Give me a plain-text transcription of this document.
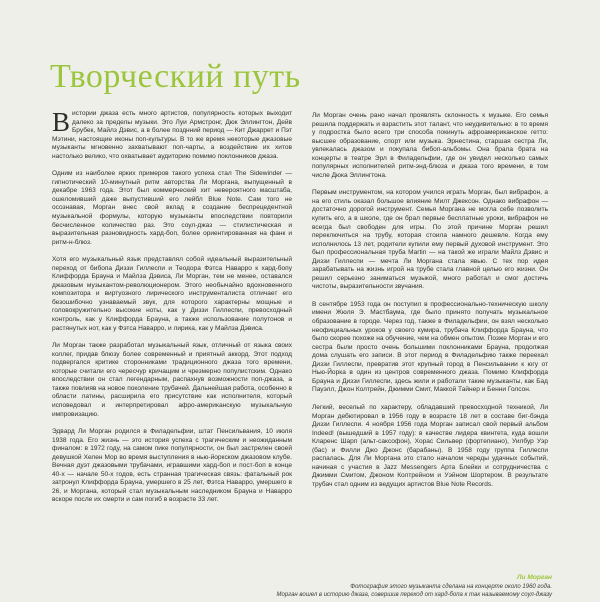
Творческий путь

Вистории джаза есть много артистов, популярность которых выходит далеко за пределы музыки. Это Луи Армстронг, Дюк Эллингтон, Дейв Брубек, Майлз Дэвис, а в более позднний период — Кит Джаррет и Пэт Мэтини, настоящие иконы поп-культуры. В то же время некоторые джазовые музыканты мгновенно захватывают поп-чарты, а воздействие их хитов настолько велико, что охватывает аудиторию помимо поклонников джаза.

Одним из наиболее ярких примеров такого успеха стал The Sidewinder — гипнотический 10-минутный ритм авторства Ли Моргана, выпущенный в декабре 1963 года. Этот был коммерческий хит невероятного масштаба, ошеломивший даже выпустивший его лейбл Blue Note. Сам того не осознавая, Морган внес свой вклад в создание беспрецедентной музыкальной формулы, которую музыканты впоследствии повторили бесчисленное количество раз. Это соул-джаз — стилистическая и выразительная разновидность хард-боп, более ориентированная на фанк и ритм-н-блюз.

Хотя его музыкальный язык представлял собой идеальный выразительный переход от бибопа Диззи Гиллеспи и Теодора Фэтса Наварро к хард-бопу Клиффорда Брауна и Майлза Дэвиса, Ли Морган, тем не менее, оставался джазовым музыкантом-революционером. Этого необычайно вдохновенного композитора и виртуозного лирического инструменталиста отличает его безошибочно узнаваемый звук, для которого характерны мощные и головокружительно высокие ноты, как у Диззи Гиллеспи, превосходный контроль, как у Клиффорда Брауна, а также использование полутонов и растянутых нот, как у Фэтса Наварро, и лирика, как у Майлза Дэвиса.

Ли Морган также разработал музыкальный язык, отличный от языка своих коллег, придав блюзу более современный и приятный аккорд. Этот подход подвергался критике сторонниками традиционного джаза того времени, которые считали его чересчур кричащим и чрезмерно популистским. Однако впоследствии он стал легендарным, распахнув возможности поп-джаза, а также повлияв на новое поколение трубачей. Дальнейшая работа, особенно в области латины, расширила его присутствие как исполнителя, который исповедовал и интерпретировал афро-американскую музыкальную импровизацию.

Эдвард Ли Морган родился в Филадельфии, штат Пенсильвания, 10 июля 1938 года. Его жизнь — это история успеха с трагическим и неожиданным финалом: в 1972 году, на самом пике популярности, он был застрелен своей девушкой Хелен Мор во время выступления в нью-йоркском джазовом клубе. Вечная дуэт джазовыми трубачами, игравшими хард-боп и пост-боп в конце 40-х — начале 50-х годов, есть странная трагическая связь: фатальный рок затронул Клиффорда Брауна, умершего в 25 лет, Фэтса Наварро, умершего в 26, и Моргана, который стал музыкальным наследником Брауна и Наварро вскоре после их смерти и сам погиб в возрасте 33 лет.

Ли Морган очень рано начал проявлять склонность к музыке. Его семья решила поддержать и взрастить этот талант, что неудивительно: в то время у подростка было всего три способа покинуть афроамериканское гетто: высшее образование, спорт или музыка. Эрнестина, старшая сестра Ли, увлекалась джазом и покупала бибоп-альбомы. Она брала брата на концерты в театре Эрл в Филадельфии, где он увидел несколько самых популярных исполнителей ритм-энд-блюза и джаза того времени, в том числе Дюка Эллингтона.

Первым инструментом, на котором учился играть Морган, был вибрафон, а на его стиль оказал большое влияние Милт Джексон. Однако вибрафон — достаточно дорогой инструмент. Семья Моргана не могла себе позволить купить его, а в школе, где он брал первые бесплатные уроки, вибрафон не всегда был свободен для игры. По этой причине Морган решил переключиться на трубу, которая стоила намного дешевле. Когда ему исполнилось 13 лет, родители купили ему первый духовой инструмент. Это был профессиональная труба Martin — на такой же играли Майлз Дэвис и Диззи Гиллеспи — мечта Ли Моргана стала явью. С тех пор идея зарабатывать на жизнь игрой на трубе стала главной целью его жизни. Он решил серьезно заниматься музыкой, много работал и смог достичь чистоты, выразительности звучания.

В сентябре 1953 года он поступил в профессионально-техническую школу имени Жюля Э. Мастбаума, где было принято получать музыкальное образование в городе. Через год, также в Филадельфии, он взял несколько неофициальных уроков у своего кумира, трубача Клиффорда Брауна, что было скорее похоже на обучение, чем на обмен опытом. Позже Морган и его сестра были просто очень большими поклонниками Брауна, продолжая дома слушать его записи. В этот период в Филадельфию также переехал Диззи Гиллеспи, превратив этот крупный город в Пенсильвании к югу от Нью-Йорка в один из центров современного джаза. Помимо Клиффорда Брауна и Диззи Гиллеспи, здесь жили и работали такие музыканты, как Бад Пауэлл, Джон Колтрейн, Джимми Смит, Маккой Тайнер и Бенни Голсон.

Легкий, веселый по характеру, обладавший превосходной техникой, Ли Морган дебютировал в 1956 году в возрасте 18 лет в составе биг-бэнда Диззи Гиллеспи. 4 ноября 1956 года Морган записал свой первый альбом Indeed! (вышедший в 1957 году): в качестве лидера квинтета, куда вошли Кларенс Шарп (альт-саксофон), Хорас Сильвер (фортепиано), Уилбур Уэр (бас) и Филли Джо Джонс (барабаны). В 1958 году группа Гиллеспи распалась. Для Ли Моргана это стало началом череды удачных событий, начиная с участия в Jazz Messengers Арта Блейки и сотрудничества с Джимми Смитом, Джоном Колтрейном и Уэйном Шортером. В результате трубач стал одним из ведущих артистов Blue Note Records.

Ли Морган
Фотография этого музыканта сделана на концерте около 1960 года.
Морган вошел в историю джаза, совершив переход от хард-бопа к так называемому соул-джазу
